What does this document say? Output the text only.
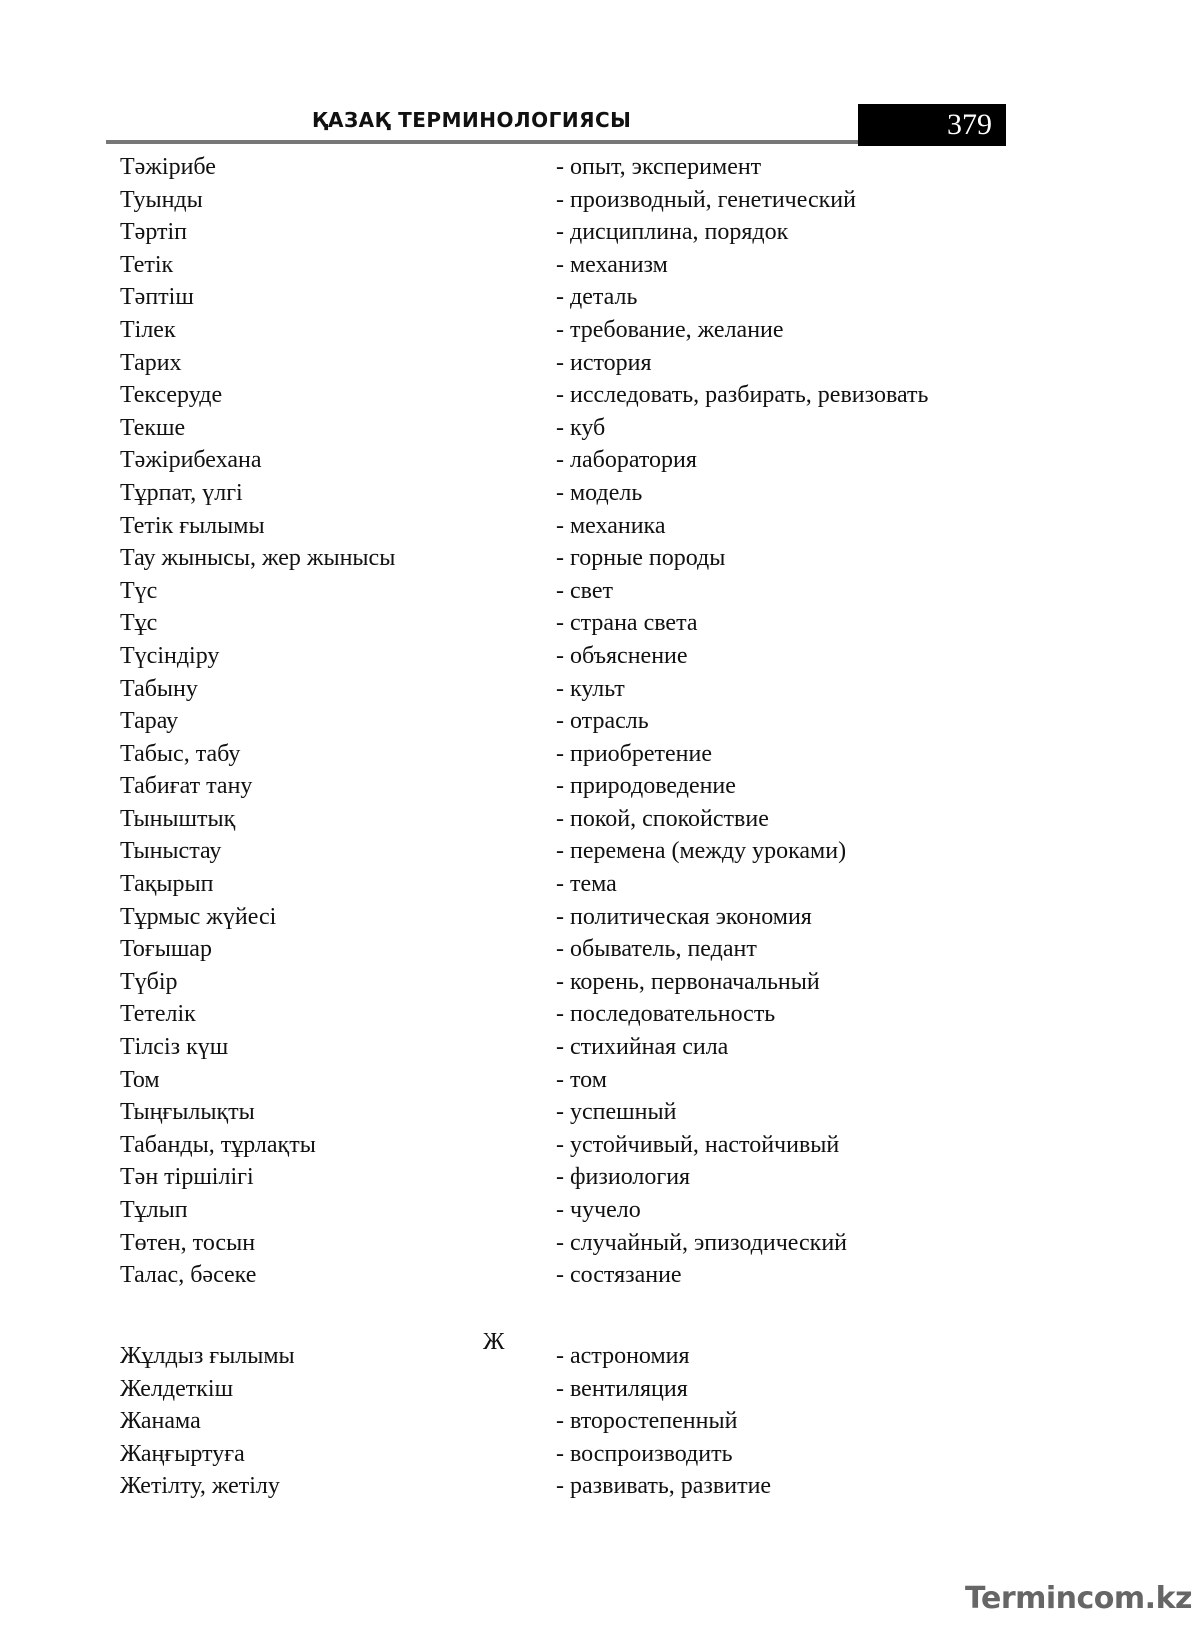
ҚАЗАҚ ТЕРМИНОЛОГИЯСЫ	379
Тәжірибе	- опыт, эксперимент
Туынды	- производный, генетический
Тәртіп	- дисциплина, порядок
Тетік	- механизм
Тәптіш	- деталь
Тілек	- требование, желание
Тарих	- история
Тексеруде	- исследовать, разбирать, ревизовать
Текше	- куб
Тәжірибехана	- лаборатория
Тұрпат, үлгі	- модель
Тетік ғылымы	- механика
Тау жынысы, жер жынысы	- горные породы
Түс	- свет
Тұс	- страна света
Түсіндіру	- объяснение
Табыну	- культ
Тарау	- отрасль
Табыс, табу	- приобретение
Табиғат тану	- природоведение
Тыныштық	- покой, спокойствие
Тыныстау	- перемена (между уроками)
Тақырып	- тема
Тұрмыс жүйесі	- политическая экономия
Тоғышар	- обыватель, педант
Түбір	- корень, первоначальный
Тетелік	- последовательность
Тілсіз күш	- стихийная сила
Том	- том
Тыңғылықты	- успешный
Табанды, тұрлақты	- устойчивый, настойчивый
Тән тіршілігі	- физиология
Тұлып	- чучело
Төтен, тосын	- случайный, эпизодический
Талас, бәсеке	- состязание
Ж
Жұлдыз ғылымы	- астрономия
Желдеткіш	- вентиляция
Жанама	- второстепенный
Жаңғыртуға	- воспроизводить
Жетілту, жетілу	- развивать, развитие
Termincom.kz
